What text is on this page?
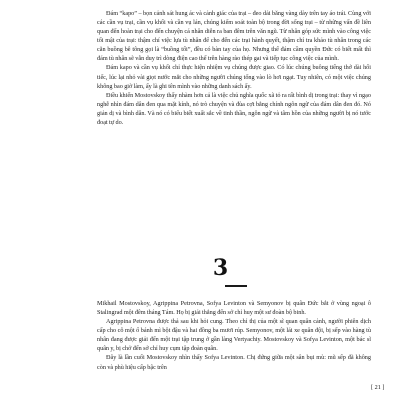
Đám “kapo” – bọn cảnh sát hung ác và cảnh giác của trại – đeo dải băng vàng dày trên tay áo trái. Cùng với các cần vụ trại, cần vụ khối và cần vụ lán, chúng kiểm soát toàn bộ trong đời sống trại – từ những vấn đề liên quan đến hoàn trại cho đến chuyện cá nhân diễn ra ban đêm trên văn ngũ. Từ nhân góp sức mình vào công việc tối mật của trại: thậm chí việc lựa tù nhân để cho đến các trại hành quyết, thậm chí tra khảo tù nhân trong các căn buồng bê tông gọi là “buồng tối”, đều có bàn tay của họ. Nhưng thế đám cầm quyền Đức có biết mất thì đám tù nhân sẽ vẫn duy trì dòng điện cao thế trên hàng rào thép gai và tiếp tục công việc của mình.

Đám kapo và cần vụ khối chỉ thực hiện nhiệm vụ chúng được giao. Có lúc chúng buông tiếng thở dài hối tiếc, lúc lại nhỏ vài giọt nước mắt cho những người chúng tống vào lò hơi ngạt. Tuy nhiên, có một việc chúng không bao giờ làm, ấy là ghi tên mình vào những danh sách ấy.

Điều khiến Mostovskoy thấy nhàm hơn cả là việc chủ nghĩa quốc xã tỏ ra rất bình dị trong trại: thay vì ngạo nghễ nhìn đám dân đen qua mặt kính, nó trò chuyện và đùa cợt bằng chính ngôn ngữ của đám dân đen đó. Nó giản dị và bình dân. Và nó có biểu biết xuất sắc về tinh thần, ngôn ngữ và tâm hồn của những người bị nó tước đoạt tự do.

3

Mikhail Mostovskoy, Agrippina Petrovna, Sofya Levinton và Semyonov bị quân Đức bắt ở vùng ngoại ô Stalingrad một đêm tháng Tám. Họ bị giải thẳng đến sở chỉ huy một sư đoàn bộ binh.

Agrippina Petrovna được thả sau khi hỏi cung. Theo chỉ thị của một sĩ quan quân cảnh, người phiên dịch cấp cho cô một ổ bánh mì bột đậu và hai đồng ba mươi rúp. Semyonov, một lái xe quân đội, bị sếp vào hàng tù nhân đang được giải đến một trại tập trung ở gần làng Vertyachiy. Mostovskoy và Sofya Levinton, một bác sĩ quân y, bị chở đến sở chỉ huy cụm tập đoàn quân.

Đây là lần cuối Mostovskoy nhìn thấy Sofya Levinton. Chị đứng giữa một sân bụi mù: mũ sếp đã không còn và phù hiệu cấp bậc trên

[ 21 ]
